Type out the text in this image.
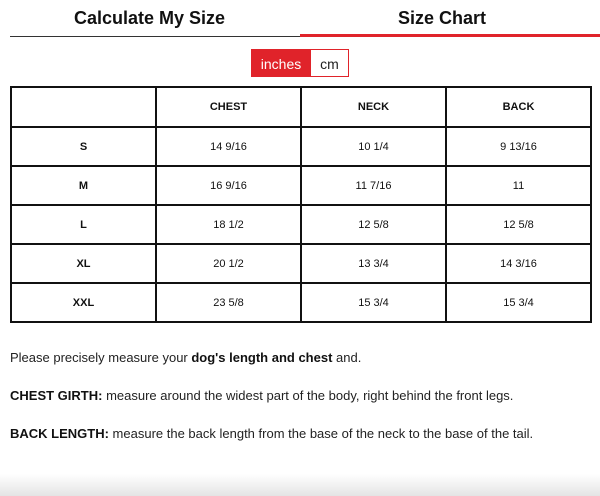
Calculate My Size	Size Chart
inches	cm
	CHEST	NECK	BACK
S	14 9/16	10 1/4	9 13/16
M	16 9/16	11 7/16	11
L	18 1/2	12 5/8	12 5/8
XL	20 1/2	13 3/4	14 3/16
XXL	23 5/8	15 3/4	15 3/4

Please precisely measure your dog's length and chest and.

CHEST GIRTH: measure around the widest part of the body, right behind the front legs.

BACK LENGTH: measure the back length from the base of the neck to the base of the tail.
